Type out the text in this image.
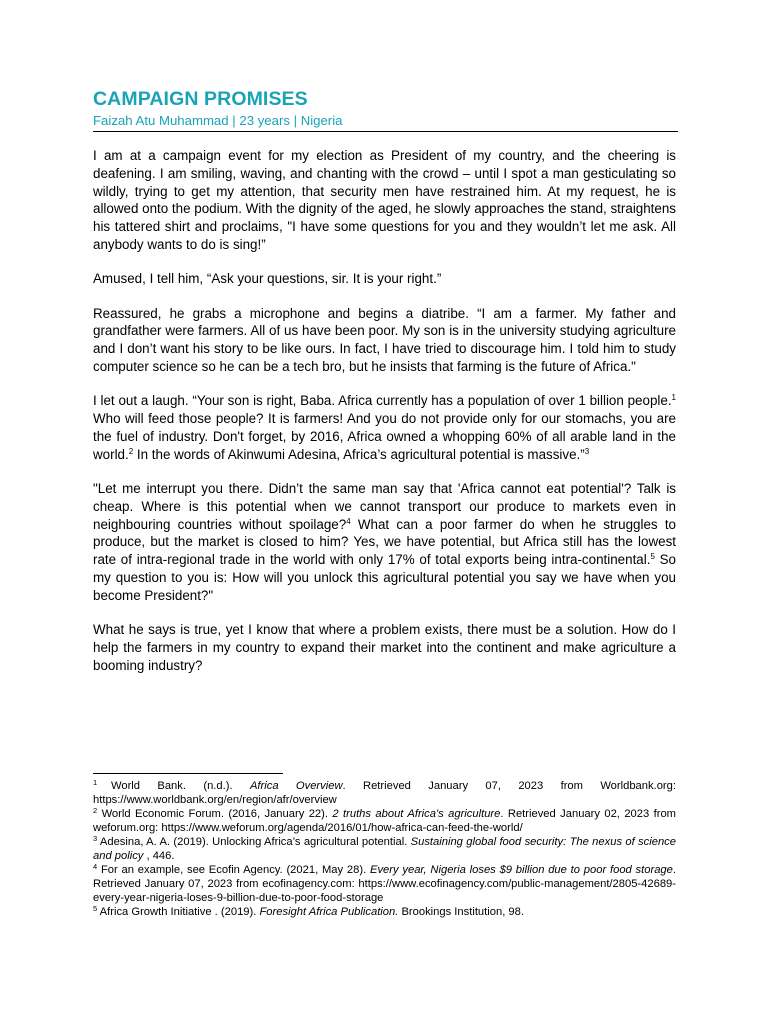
CAMPAIGN PROMISES
Faizah Atu Muhammad | 23 years | Nigeria

I am at a campaign event for my election as President of my country, and the cheering is deafening. I am smiling, waving, and chanting with the crowd – until I spot a man gesticulating so wildly, trying to get my attention, that security men have restrained him. At my request, he is allowed onto the podium. With the dignity of the aged, he slowly approaches the stand, straightens his tattered shirt and proclaims, "I have some questions for you and they wouldn’t let me ask. All anybody wants to do is sing!”

Amused, I tell him, “Ask your questions, sir. It is your right.”

Reassured, he grabs a microphone and begins a diatribe. “I am a farmer. My father and grandfather were farmers. All of us have been poor. My son is in the university studying agriculture and I don’t want his story to be like ours. In fact, I have tried to discourage him. I told him to study computer science so he can be a tech bro, but he insists that farming is the future of Africa."

I let out a laugh. “Your son is right, Baba. Africa currently has a population of over 1 billion people.$^1$ Who will feed those people? It is farmers! And you do not provide only for our stomachs, you are the fuel of industry. Don't forget, by 2016, Africa owned a whopping 60% of all arable land in the world.$^2$ In the words of Akinwumi Adesina, Africa’s agricultural potential is massive.”$^3$

"Let me interrupt you there. Didn’t the same man say that 'Africa cannot eat potential'? Talk is cheap. Where is this potential when we cannot transport our produce to markets even in neighbouring countries without spoilage?$^4$ What can a poor farmer do when he struggles to produce, but the market is closed to him? Yes, we have potential, but Africa still has the lowest rate of intra-regional trade in the world with only 17% of total exports being intra-continental.$^5$ So my question to you is: How will you unlock this agricultural potential you say we have when you become President?"

What he says is true, yet I know that where a problem exists, there must be a solution. How do I help the farmers in my country to expand their market into the continent and make agriculture a booming industry?

$^1$ World Bank. (n.d.). Africa Overview. Retrieved January 07, 2023 from Worldbank.org: https://www.worldbank.org/en/region/afr/overview

$^2$ World Economic Forum. (2016, January 22). 2 truths about Africa's agriculture. Retrieved January 02, 2023 from weforum.org: https://www.weforum.org/agenda/2016/01/how-africa-can-feed-the-world/

$^3$ Adesina, A. A. (2019). Unlocking Africa’s agricultural potential. Sustaining global food security: The nexus of science and policy , 446.

$^4$ For an example, see Ecofin Agency. (2021, May 28). Every year, Nigeria loses $9 billion due to poor food storage. Retrieved January 07, 2023 from ecofinagency.com: https://www.ecofinagency.com/public-management/2805-42689-every-year-nigeria-loses-9-billion-due-to-poor-food-storage

$^5$ Africa Growth Initiative . (2019). Foresight Africa Publication. Brookings Institution, 98.
